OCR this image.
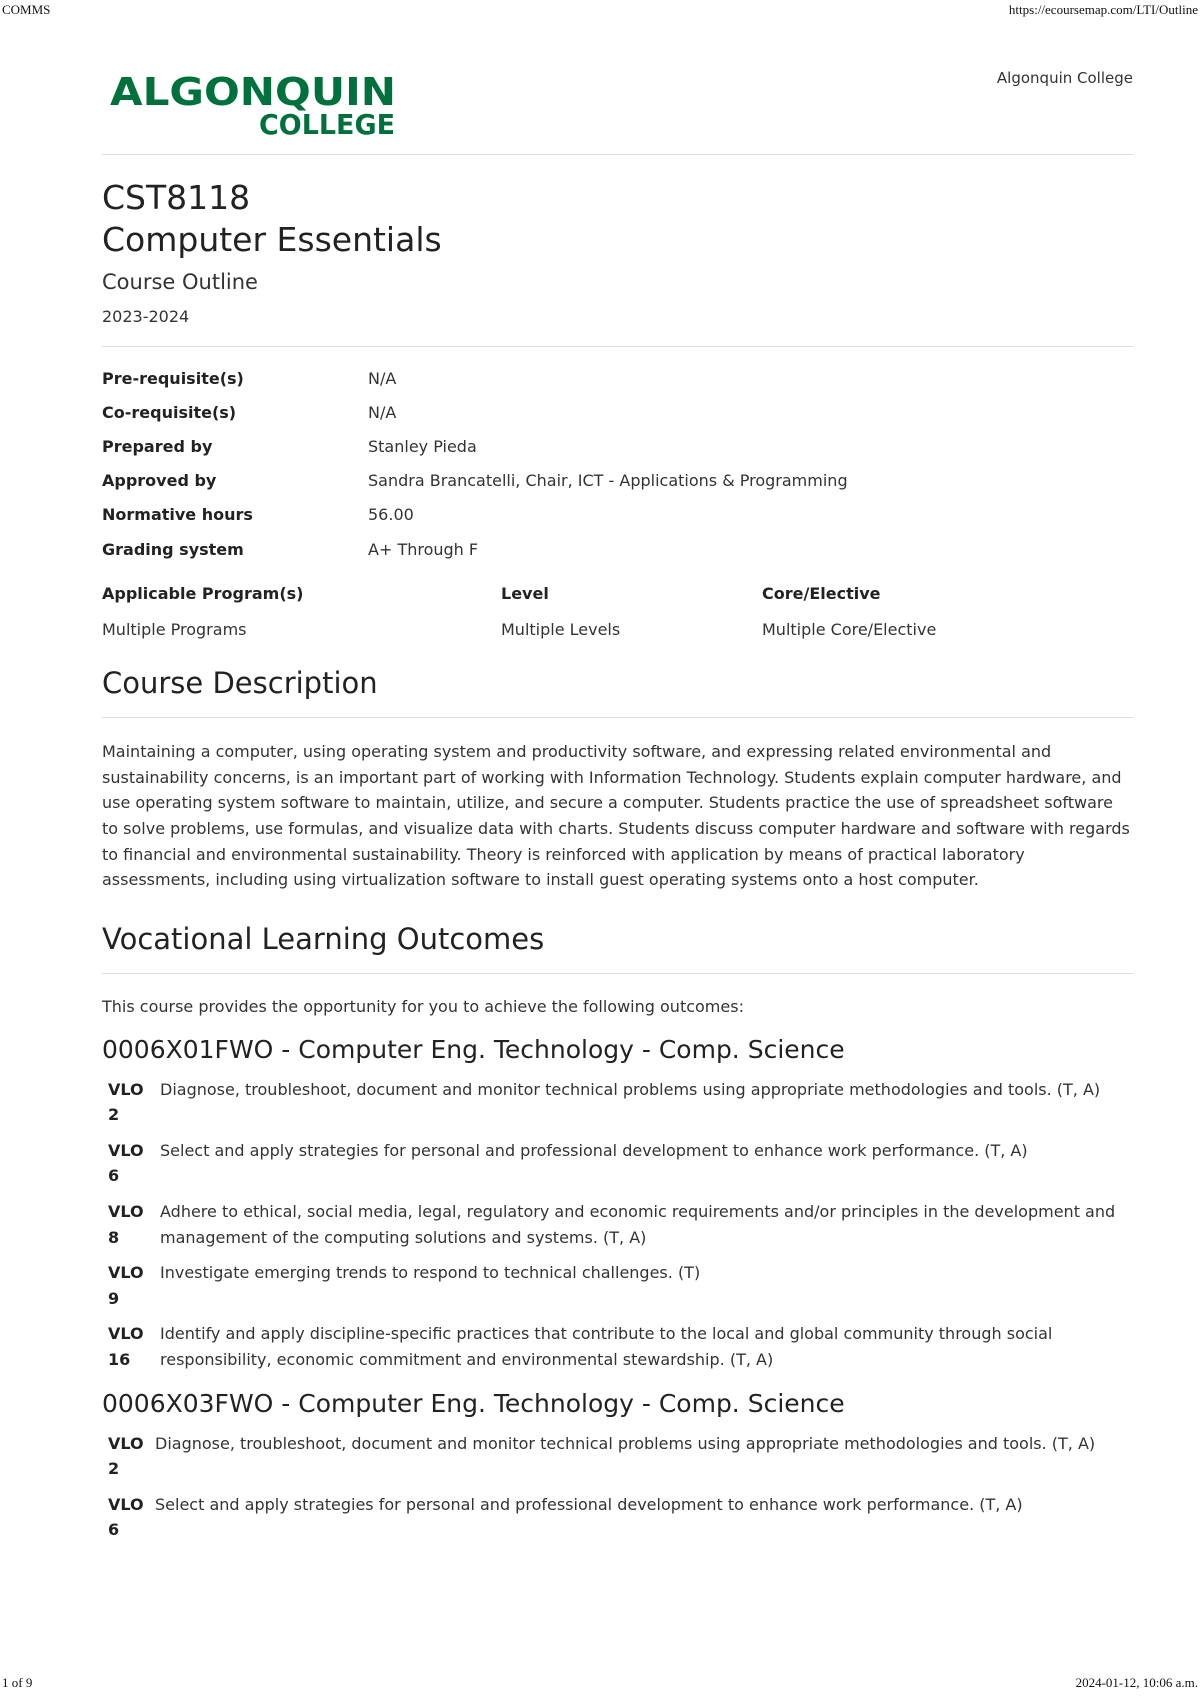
COMMS	https://ecoursemap.com/LTI/Outline
1 of 9	2024-01-12, 10:06 a.m.
ALGONQUIN
COLLEGE
Algonquin College
CST8118
Computer Essentials
Course Outline
2023-2024
Pre-requisite(s)	N/A
Co-requisite(s)	N/A
Prepared by	Stanley Pieda
Approved by	Sandra Brancatelli, Chair, ICT - Applications & Programming
Normative hours	56.00
Grading system	A+ Through F
Applicable Program(s)	Level	Core/Elective
Multiple Programs	Multiple Levels	Multiple Core/Elective
Course Description

Maintaining a computer, using operating system and productivity software, and expressing related environmental and sustainability concerns, is an important part of working with Information Technology. Students explain computer hardware, and use operating system software to maintain, utilize, and secure a computer. Students practice the use of spreadsheet software to solve problems, use formulas, and visualize data with charts. Students discuss computer hardware and software with regards to financial and environmental sustainability. Theory is reinforced with application by means of practical laboratory assessments, including using virtualization software to install guest operating systems onto a host computer.

Vocational Learning Outcomes

This course provides the opportunity for you to achieve the following outcomes:

0006X01FWO - Computer Eng. Technology - Comp. Science
VLO 2
Diagnose, troubleshoot, document and monitor technical problems using appropriate methodologies and tools. (T, A)
VLO 6
Select and apply strategies for personal and professional development to enhance work performance. (T, A)
VLO 8
Adhere to ethical, social media, legal, regulatory and economic requirements and/or principles in the development and management of the computing solutions and systems. (T, A)
VLO 9
Investigate emerging trends to respond to technical challenges. (T)
VLO 16
Identify and apply discipline-specific practices that contribute to the local and global community through social responsibility, economic commitment and environmental stewardship. (T, A)
0006X03FWO - Computer Eng. Technology - Comp. Science
VLO 2
Diagnose, troubleshoot, document and monitor technical problems using appropriate methodologies and tools. (T, A)
VLO 6
Select and apply strategies for personal and professional development to enhance work performance. (T, A)
